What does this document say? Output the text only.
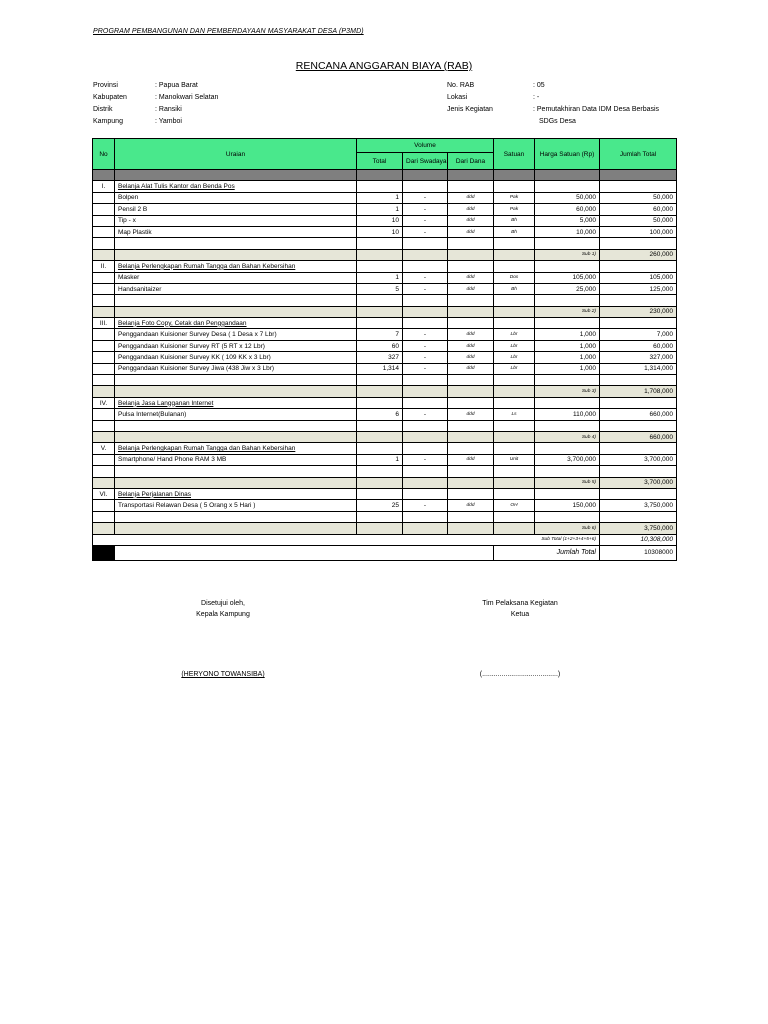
PROGRAM PEMBANGUNAN DAN PEMBERDAYAAN MASYARAKAT DESA (P3MD)
RENCANA ANGGARAN BIAYA (RAB)
Provinsi	: Papua Barat
Kabupaten	: Manokwari Selatan
Distrik	: Ransiki
Kampung	: Yamboi
No. RAB	: 05
Lokasi	: -
Jenis Kegiatan	: Pemutakhiran Data IDM Desa Berbasis
SDGs Desa
No	Uraian	Volume			Satuan	Harga Satuan (Rp)	Jumlah Total
		Total	Dari Swadaya	Dari Dana			

I.	Belanja Alat Tulis Kantor dan Benda Pos						
	Bolpen	1	-	ddd	Pak	50,000	50,000
	Pensil 2 B	1	-	ddd	Pak	60,000	60,000
	Tip - x	10	-	ddd	Bh	5,000	50,000
	Map Plastik	10	-	ddd	Bh	10,000	100,000

						Sub 1)	260,000
II.	Belanja Perlengkapan Rumah Tangga dan Bahan Kebersihan						
	Masker	1	-	ddd	Dos	105,000	105,000
	Handsanitaizer	5	-	ddd	Bh	25,000	125,000

						Sub 2)	230,000
III.	Belanja Foto Copy, Cetak dan Penggandaan						
	Penggandaan Kuisioner Survey Desa ( 1 Desa x 7 Lbr)	7	-	ddd	Lbr	1,000	7,000
	Penggandaan Kuisioner Survey RT (5 RT x 12 Lbr)	60	-	ddd	Lbr	1,000	60,000
	Penggandaan Kuisioner Survey KK ( 109 KK x 3 Lbr)	327	-	ddd	Lbr	1,000	327,000
	Penggandaan Kuisioner Survey Jiwa (438 Jiw x 3 Lbr)	1,314	-	ddd	Lbr	1,000	1,314,000

						Sub 3)	1,708,000
IV.	Belanja Jasa Langganan Internet						
	Pulsa Internet(Bulanan)	6	-	ddd	Ls	110,000	660,000

						Sub 4)	660,000
V.	Belanja Perlengkapan Rumah Tangga dan Bahan Kebersihan						
	Smartphone/ Hand Phone RAM 3 MB	1	-	ddd	Unit	3,700,000	3,700,000

						Sub 5)	3,700,000
VI.	Belanja Perjalanan Dinas						
	Transportasi Relawan Desa ( 5 Orang x 5 Hari )	25	-	ddd	OH	150,000	3,750,000

						Sub 6)	3,750,000
Sub Total (1+2+3+4+5+6)							10,308,000
					Jumlah Total		10308000
Disetujui oleh,
Kepala Kampung
(HERYONO TOWANSIBA)
Tim Pelaksana Kegiatan
Ketua
(.......................................)
